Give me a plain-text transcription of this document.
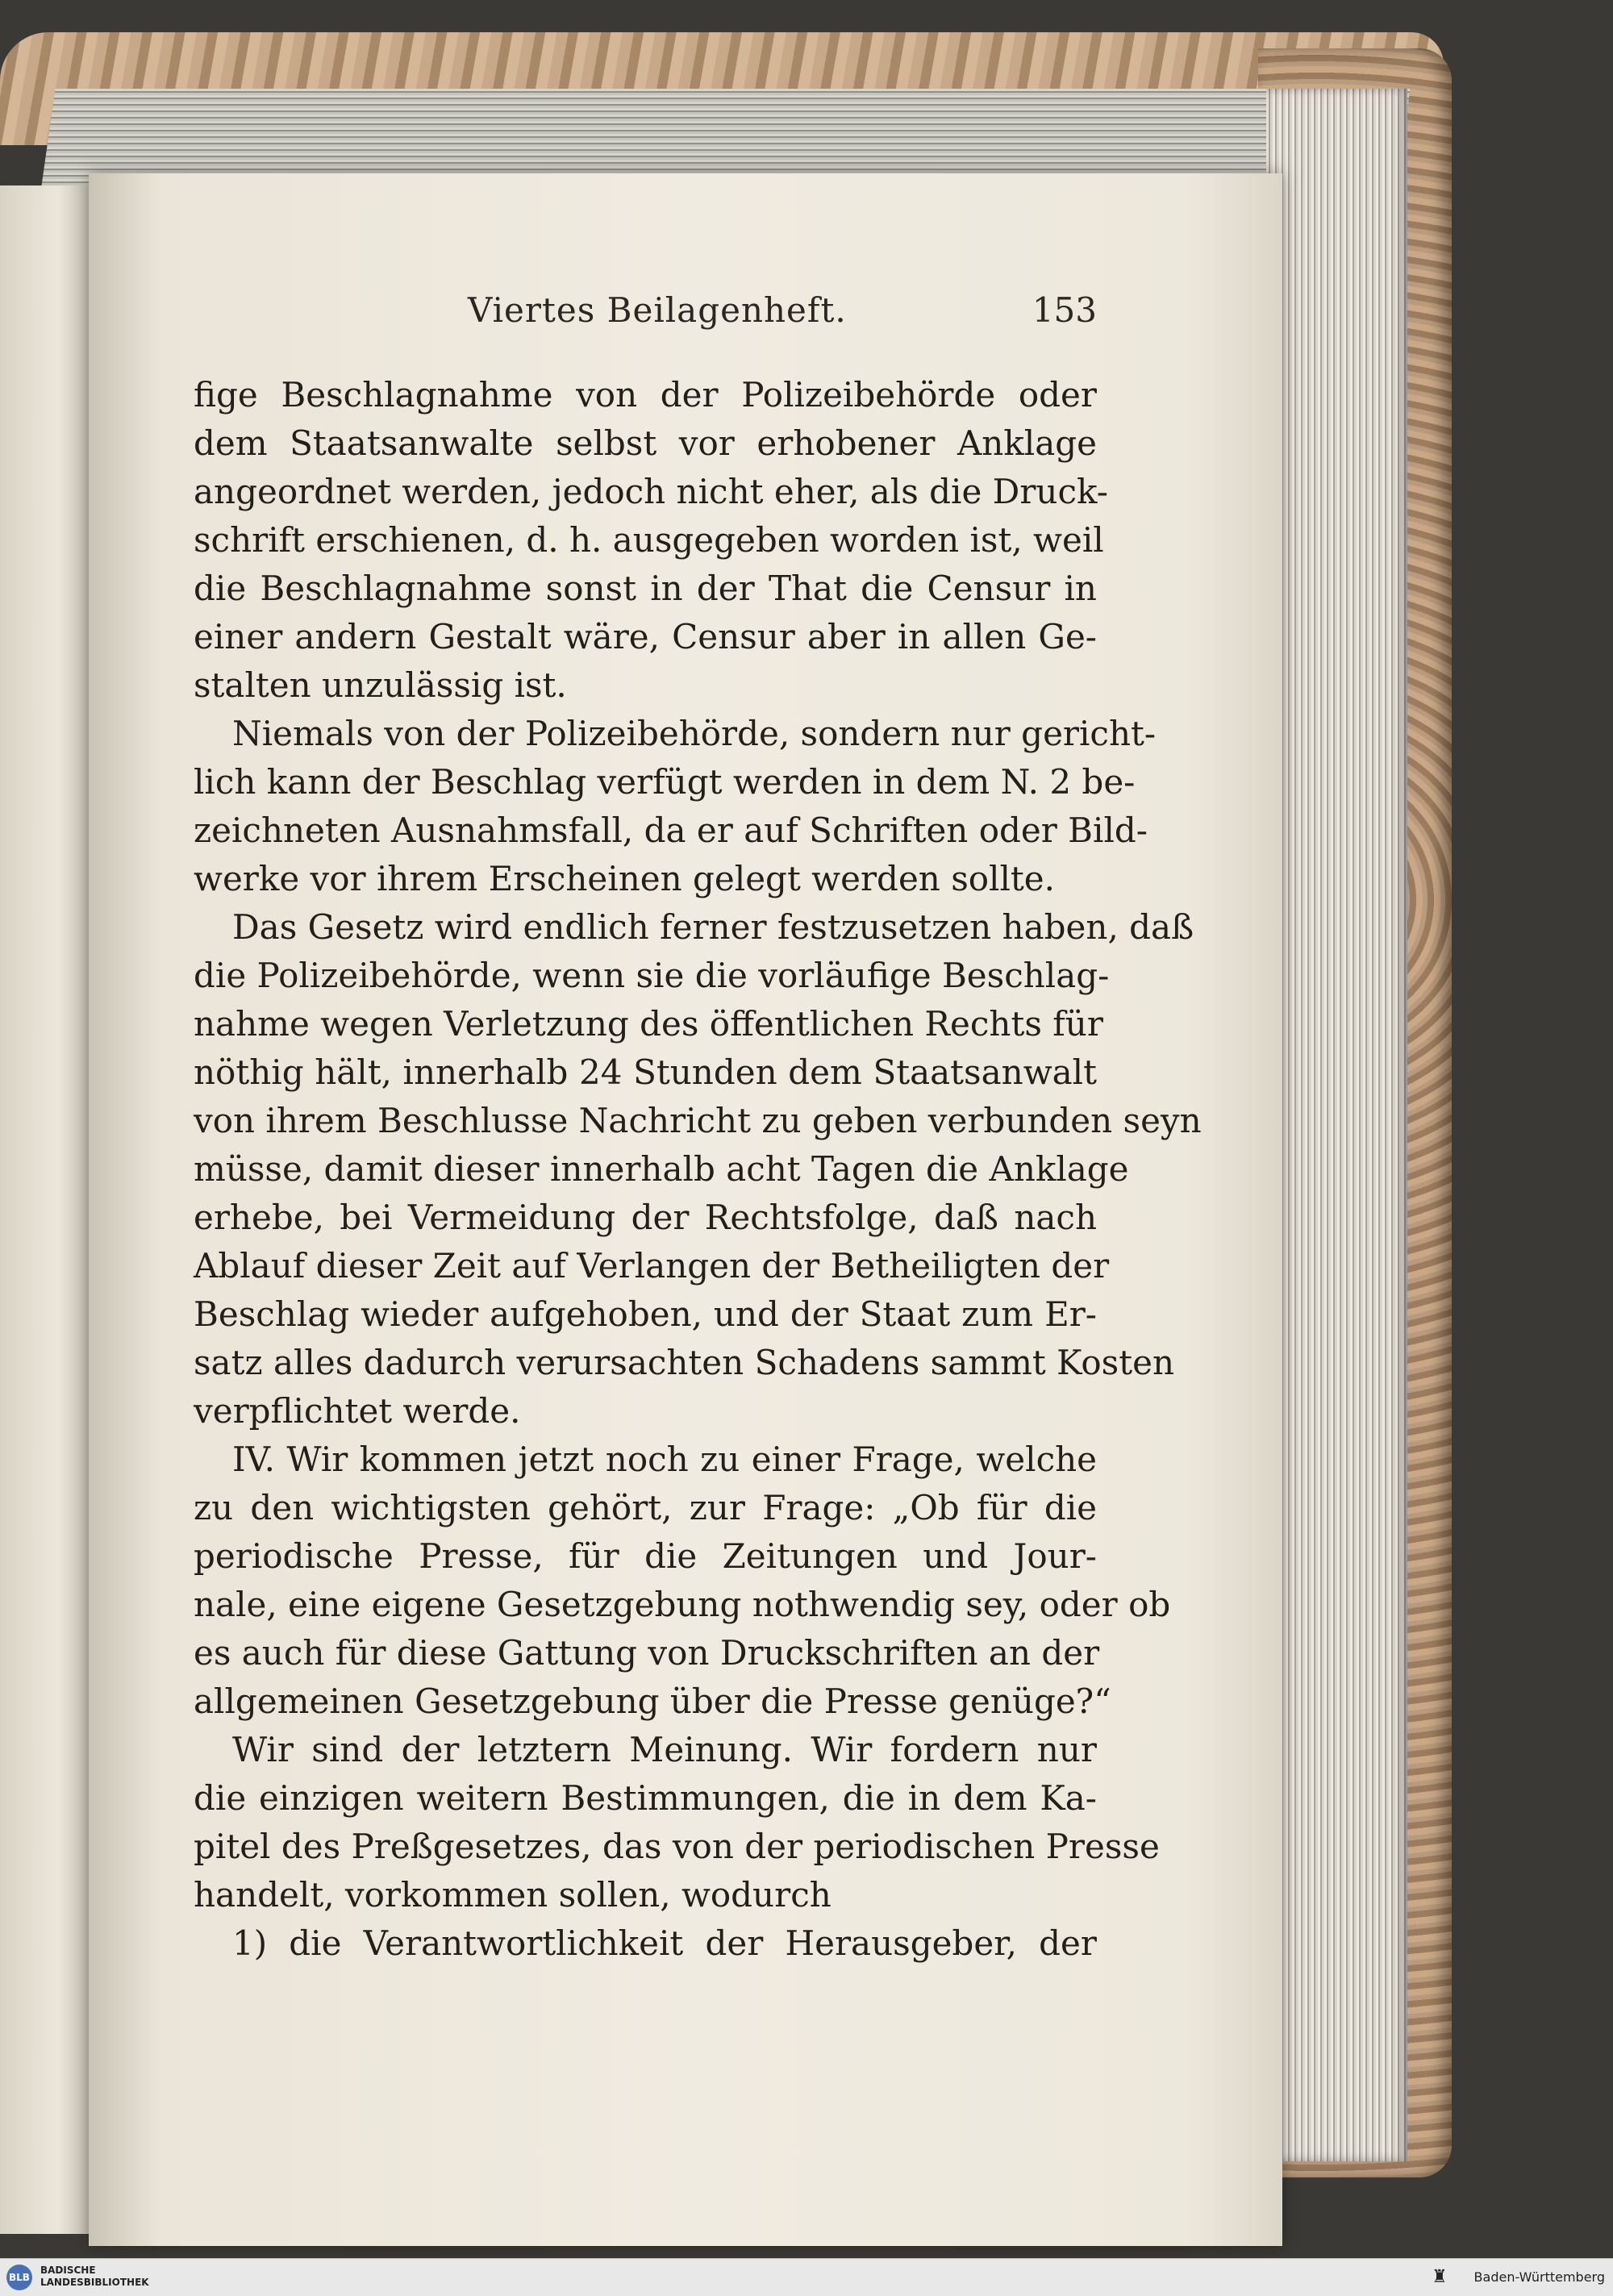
Viertes Beilagenheft.	153
fige Beschlagnahme von der Polizeibehörde oder
dem Staatsanwalte selbst vor erhobener Anklage
angeordnet werden, jedoch nicht eher, als die Druck-
schrift erschienen, d. h. ausgegeben worden ist, weil
die Beschlagnahme sonst in der That die Censur in
einer andern Gestalt wäre, Censur aber in allen Ge-
stalten unzulässig ist.
Niemals von der Polizeibehörde, sondern nur gericht-
lich kann der Beschlag verfügt werden in dem N. 2 be-
zeichneten Ausnahmsfall, da er auf Schriften oder Bild-
werke vor ihrem Erscheinen gelegt werden sollte.
Das Gesetz wird endlich ferner festzusetzen haben, daß
die Polizeibehörde, wenn sie die vorläufige Beschlag-
nahme wegen Verletzung des öffentlichen Rechts für
nöthig hält, innerhalb 24 Stunden dem Staatsanwalt
von ihrem Beschlusse Nachricht zu geben verbunden seyn
müsse, damit dieser innerhalb acht Tagen die Anklage
erhebe, bei Vermeidung der Rechtsfolge, daß nach
Ablauf dieser Zeit auf Verlangen der Betheiligten der
Beschlag wieder aufgehoben, und der Staat zum Er-
satz alles dadurch verursachten Schadens sammt Kosten
verpflichtet werde.
IV. Wir kommen jetzt noch zu einer Frage, welche
zu den wichtigsten gehört, zur Frage: „Ob für die
periodische Presse, für die Zeitungen und Jour-
nale, eine eigene Gesetzgebung nothwendig sey, oder ob
es auch für diese Gattung von Druckschriften an der
allgemeinen Gesetzgebung über die Presse genüge?“
Wir sind der letztern Meinung. Wir fordern nur
die einzigen weitern Bestimmungen, die in dem Ka-
pitel des Preßgesetzes, das von der periodischen Presse
handelt, vorkommen sollen, wodurch
1) die Verantwortlichkeit der Herausgeber, der
BLB
BADISCHE
LANDESBIBLIOTHEK	♜	Baden-Württemberg
